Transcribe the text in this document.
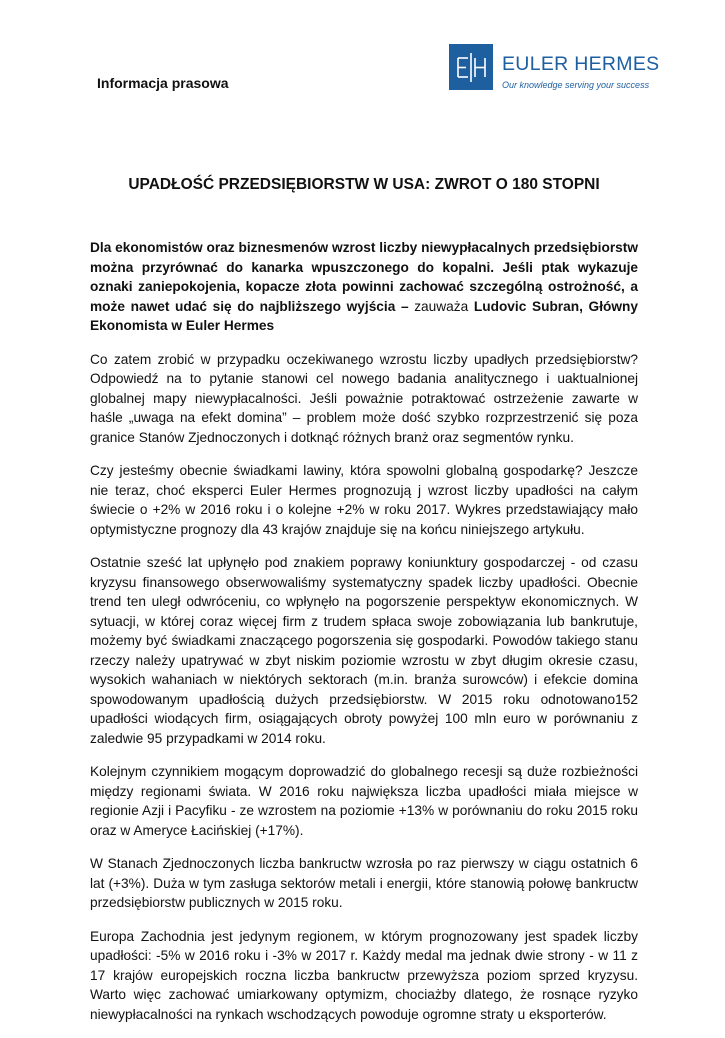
Informacja prasowa
EULER HERMES
Our knowledge serving your success
UPADŁOŚĆ PRZEDSIĘBIORSTW W USA: ZWROT O 180 STOPNI

Dla ekonomistów oraz biznesmenów wzrost liczby niewypłacalnych przedsiębiorstw można przyrównać do kanarka wpuszczonego do kopalni. Jeśli ptak wykazuje oznaki zaniepokojenia, kopacze złota powinni zachować szczególną ostrożność, a może nawet udać się do najbliższego wyjścia – zauważa Ludovic Subran, Główny Ekonomista w Euler Hermes

Co zatem zrobić w przypadku oczekiwanego wzrostu liczby upadłych przedsiębiorstw? Odpowiedź na to pytanie stanowi cel nowego badania analitycznego i uaktualnionej globalnej mapy niewypłacalności. Jeśli poważnie potraktować ostrzeżenie zawarte w haśle „uwaga na efekt domina” – problem może dość szybko rozprzestrzenić się poza granice Stanów Zjednoczonych i dotknąć różnych branż oraz segmentów rynku.

Czy jesteśmy obecnie świadkami lawiny, która spowolni globalną gospodarkę? Jeszcze nie teraz, choć eksperci Euler Hermes prognozują j wzrost liczby upadłości na całym świecie o +2% w 2016 roku i o kolejne +2% w roku 2017. Wykres przedstawiający mało optymistyczne prognozy dla 43 krajów znajduje się na końcu niniejszego artykułu.

Ostatnie sześć lat upłynęło pod znakiem poprawy koniunktury gospodarczej - od czasu kryzysu finansowego obserwowaliśmy systematyczny spadek liczby upadłości. Obecnie trend ten uległ odwróceniu, co wpłynęło na pogorszenie perspektyw ekonomicznych. W sytuacji, w której coraz więcej firm z trudem spłaca swoje zobowiązania lub bankrutuje, możemy być świadkami znaczącego pogorszenia się gospodarki. Powodów takiego stanu rzeczy należy upatrywać w zbyt niskim poziomie wzrostu w zbyt długim okresie czasu, wysokich wahaniach w niektórych sektorach (m.in. branża surowców) i efekcie domina spowodowanym upadłością dużych przedsiębiorstw. W 2015 roku odnotowano152 upadłości wiodących firm, osiągających obroty powyżej 100 mln euro w porównaniu z zaledwie 95 przypadkami w 2014 roku.

Kolejnym czynnikiem mogącym doprowadzić do globalnego recesji są duże rozbieżności między regionami świata. W 2016 roku największa liczba upadłości miała miejsce w regionie Azji i Pacyfiku - ze wzrostem na poziomie +13% w porównaniu do roku 2015 roku oraz w Ameryce Łacińskiej (+17%).

W Stanach Zjednoczonych liczba bankructw wzrosła po raz pierwszy w ciągu ostatnich 6 lat (+3%). Duża w tym zasługa sektorów metali i energii, które stanowią połowę bankructw przedsiębiorstw publicznych w 2015 roku.

Europa Zachodnia jest jedynym regionem, w którym prognozowany jest spadek liczby upadłości: -5% w 2016 roku i -3% w 2017 r. Każdy medal ma jednak dwie strony - w 11 z 17 krajów europejskich roczna liczba bankructw przewyższa poziom sprzed kryzysu. Warto więc zachować umiarkowany optymizm, chociażby dlatego, że rosnące ryzyko niewypłacalności na rynkach wschodzących powoduje ogromne straty u eksporterów.
